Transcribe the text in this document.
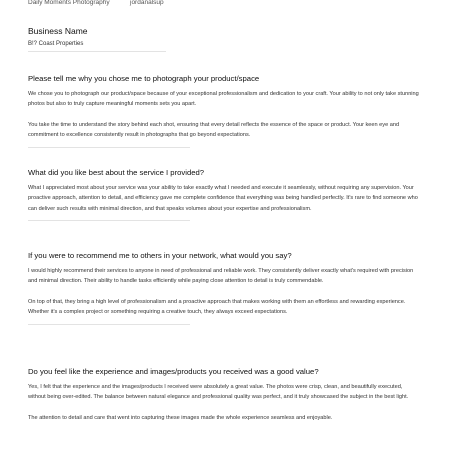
Daily Moments Photography	jordanalsup
Business Name
B!? Coast Properties

Please tell me why you chose me to photograph your product/space

We chose you to photograph our product/space because of your exceptional professionalism and dedication to your craft. Your ability to not only take stunning photos but also to truly capture meaningful moments sets you apart.

You take the time to understand the story behind each shot, ensuring that every detail reflects the essence of the space or product. Your keen eye and commitment to excellence consistently result in photographs that go beyond expectations.

What did you like best about the service I provided?

What I appreciated most about your service was your ability to take exactly what I needed and execute it seamlessly, without requiring any supervision. Your proactive approach, attention to detail, and efficiency gave me complete confidence that everything was being handled perfectly. It's rare to find someone who can deliver such results with minimal direction, and that speaks volumes about your expertise and professionalism.

If you were to recommend me to others in your network, what would you say?

I would highly recommend their services to anyone in need of professional and reliable work. They consistently deliver exactly what's required with precision and minimal direction. Their ability to handle tasks efficiently while paying close attention to detail is truly commendable.

On top of that, they bring a high level of professionalism and a proactive approach that makes working with them an effortless and rewarding experience. Whether it's a complex project or something requiring a creative touch, they always exceed expectations.

Do you feel like the experience and images/products you received was a good value?

Yes, I felt that the experience and the images/products I received were absolutely a great value. The photos were crisp, clean, and beautifully executed, without being over-edited. The balance between natural elegance and professional quality was perfect, and it truly showcased the subject in the best light.

The attention to detail and care that went into capturing these images made the whole experience seamless and enjoyable.
